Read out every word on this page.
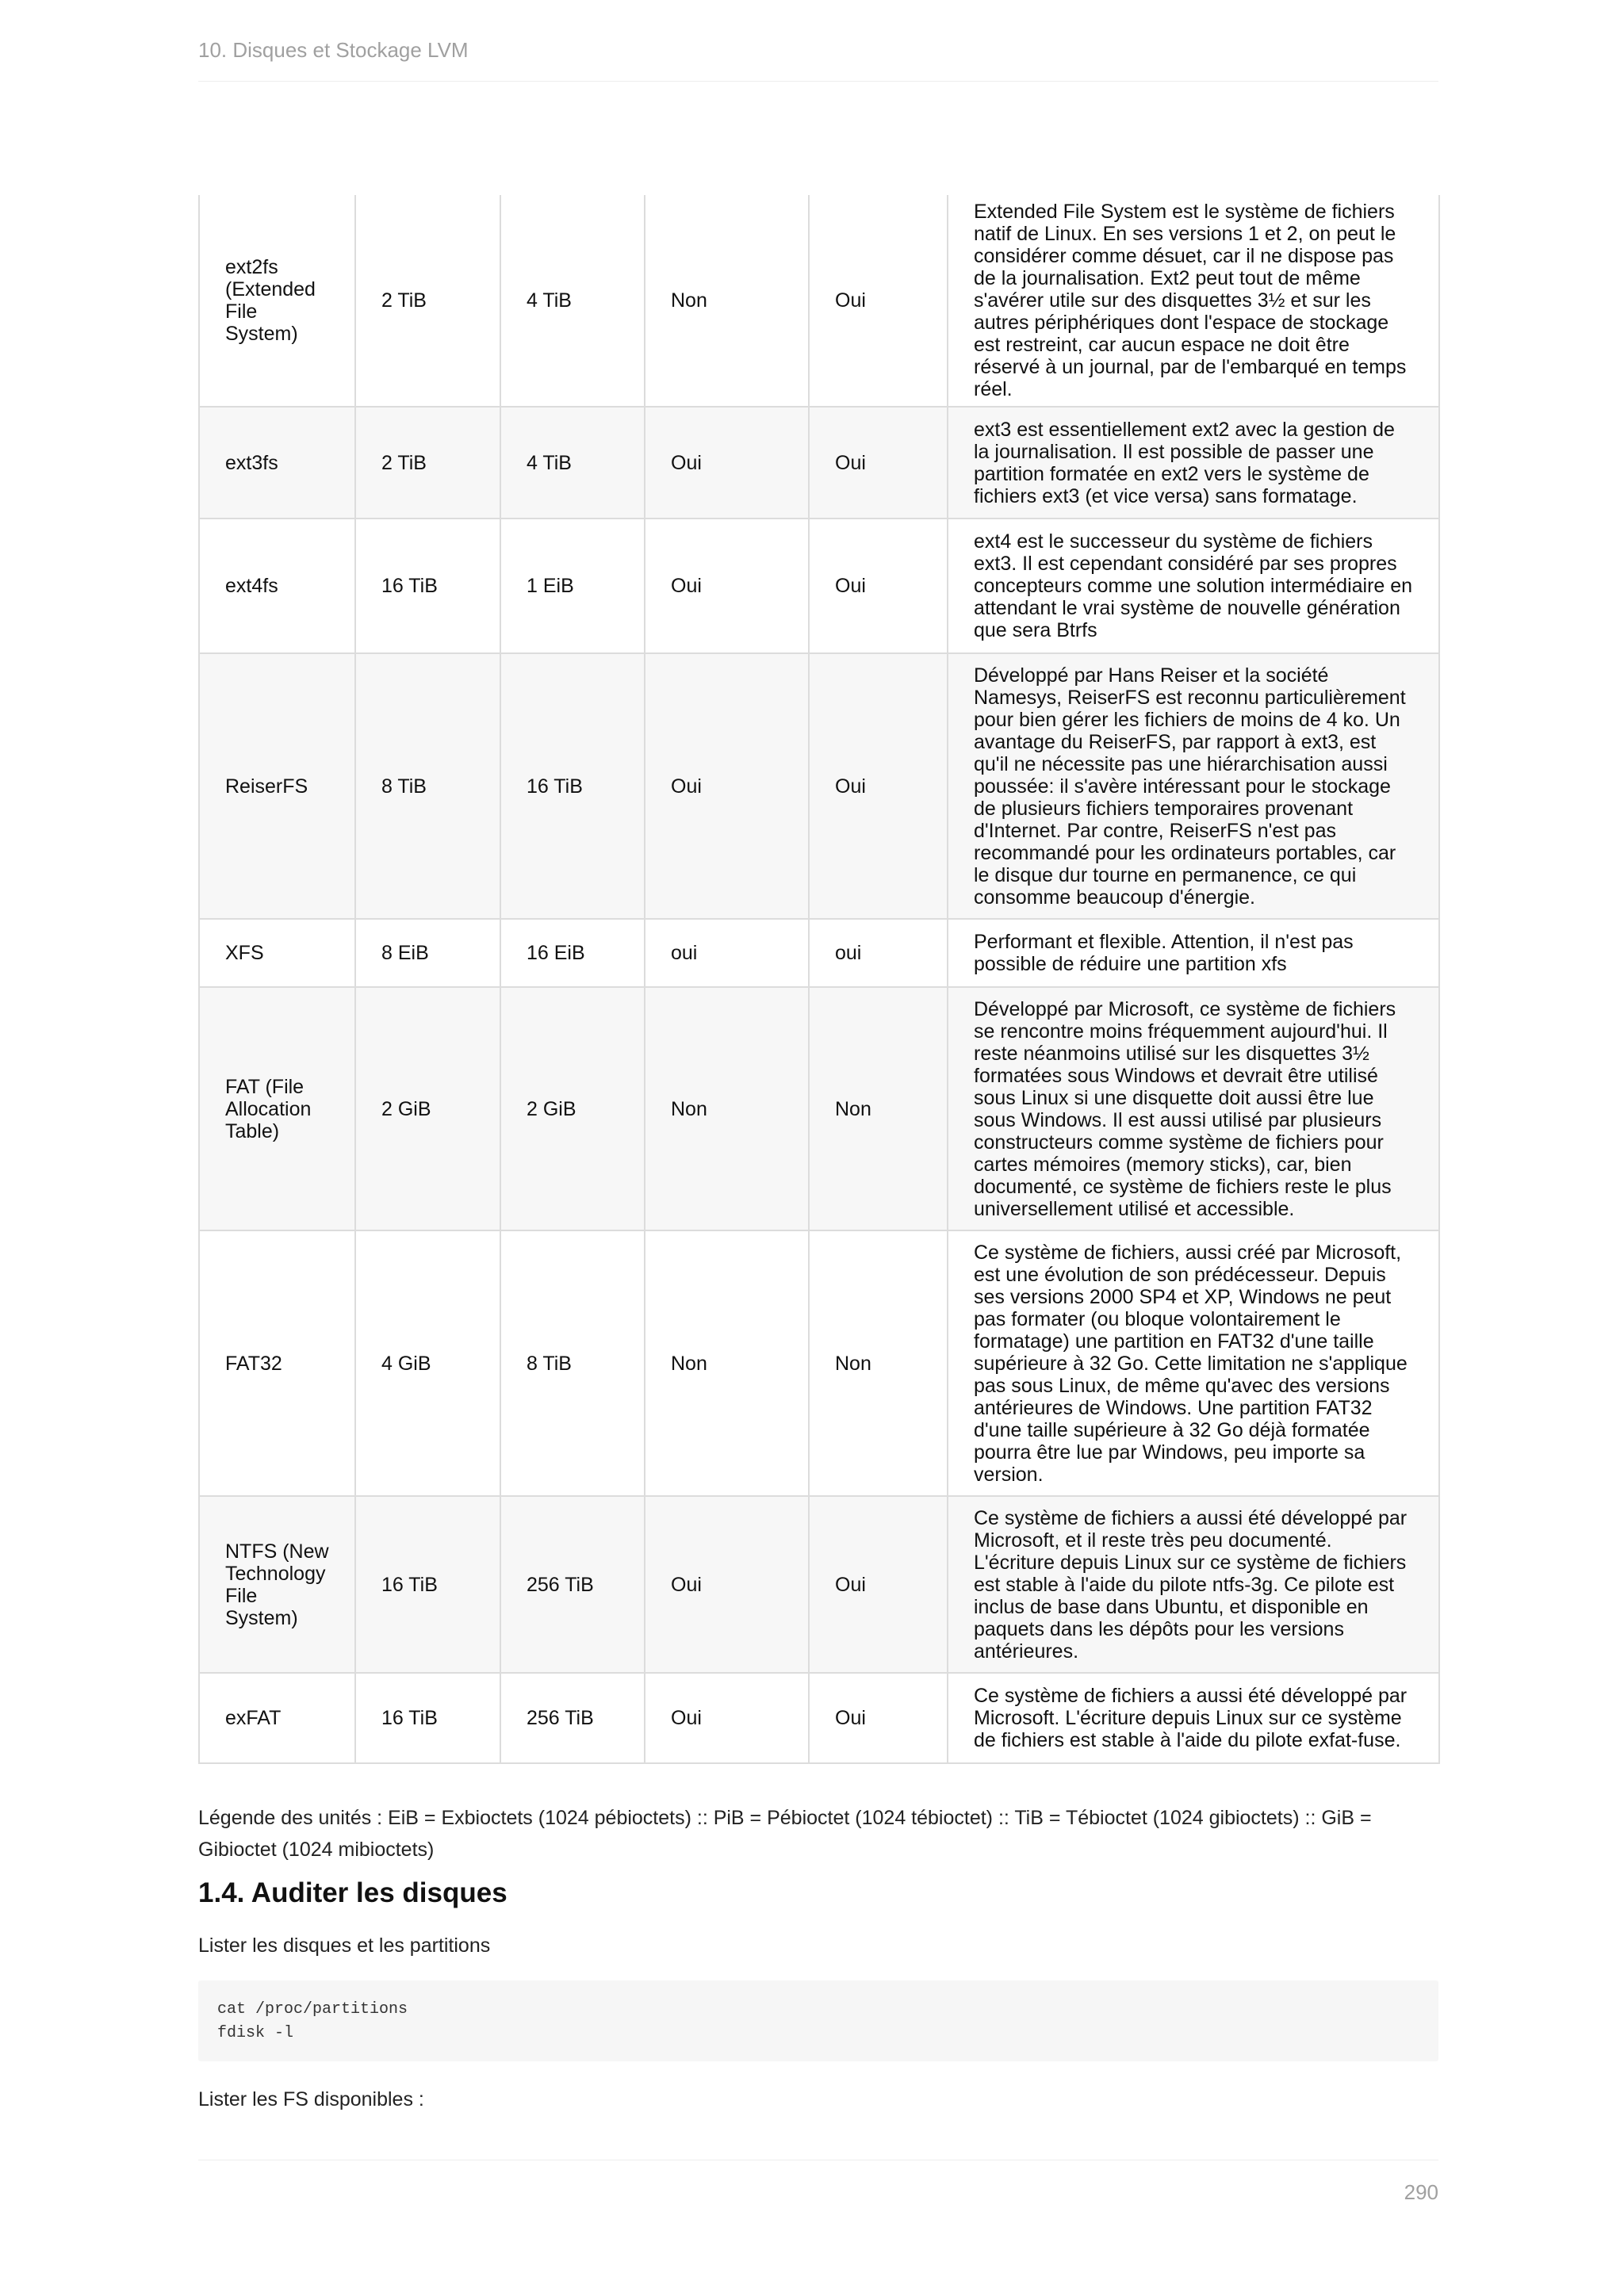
10. Disques et Stockage LVM
ext2fs (Extended File System)	2 TiB	4 TiB	Non	Oui	Extended File System est le système de fichiers natif de Linux. En ses versions 1 et 2, on peut le considérer comme désuet, car il ne dispose pas de la journalisation. Ext2 peut tout de même s'avérer utile sur des disquettes 3½ et sur les autres périphériques dont l'espace de stockage est restreint, car aucun espace ne doit être réservé à un journal, par de l'embarqué en temps réel.
ext3fs	2 TiB	4 TiB	Oui	Oui	ext3 est essentiellement ext2 avec la gestion de la journalisation. Il est possible de passer une partition formatée en ext2 vers le système de fichiers ext3 (et vice versa) sans formatage.
ext4fs	16 TiB	1 EiB	Oui	Oui	ext4 est le successeur du système de fichiers ext3. Il est cependant considéré par ses propres concepteurs comme une solution intermédiaire en attendant le vrai système de nouvelle génération que sera Btrfs
ReiserFS	8 TiB	16 TiB	Oui	Oui	Développé par Hans Reiser et la société Namesys, ReiserFS est reconnu particulièrement pour bien gérer les fichiers de moins de 4 ko. Un avantage du ReiserFS, par rapport à ext3, est qu'il ne nécessite pas une hiérarchisation aussi poussée: il s'avère intéressant pour le stockage de plusieurs fichiers temporaires provenant d'Internet. Par contre, ReiserFS n'est pas recommandé pour les ordinateurs portables, car le disque dur tourne en permanence, ce qui consomme beaucoup d'énergie.
XFS	8 EiB	16 EiB	oui	oui	Performant et flexible. Attention, il n'est pas possible de réduire une partition xfs
FAT (File Allocation Table)	2 GiB	2 GiB	Non	Non	Développé par Microsoft, ce système de fichiers se rencontre moins fréquemment aujourd'hui. Il reste néanmoins utilisé sur les disquettes 3½ formatées sous Windows et devrait être utilisé sous Linux si une disquette doit aussi être lue sous Windows. Il est aussi utilisé par plusieurs constructeurs comme système de fichiers pour cartes mémoires (memory sticks), car, bien documenté, ce système de fichiers reste le plus universellement utilisé et accessible.
FAT32	4 GiB	8 TiB	Non	Non	Ce système de fichiers, aussi créé par Microsoft, est une évolution de son prédécesseur. Depuis ses versions 2000 SP4 et XP, Windows ne peut pas formater (ou bloque volontairement le formatage) une partition en FAT32 d'une taille supérieure à 32 Go. Cette limitation ne s'applique pas sous Linux, de même qu'avec des versions antérieures de Windows. Une partition FAT32 d'une taille supérieure à 32 Go déjà formatée pourra être lue par Windows, peu importe sa version.
NTFS (New Technology File System)	16 TiB	256 TiB	Oui	Oui	Ce système de fichiers a aussi été développé par Microsoft, et il reste très peu documenté. L'écriture depuis Linux sur ce système de fichiers est stable à l'aide du pilote ntfs-3g. Ce pilote est inclus de base dans Ubuntu, et disponible en paquets dans les dépôts pour les versions antérieures.
exFAT	16 TiB	256 TiB	Oui	Oui	Ce système de fichiers a aussi été développé par Microsoft. L'écriture depuis Linux sur ce système de fichiers est stable à l'aide du pilote exfat-fuse.

Légende des unités : EiB = Exbioctets (1024 pébioctets) :: PiB = Pébioctet (1024 tébioctet) :: TiB = Tébioctet (1024 gibioctets) :: GiB = Gibioctet (1024 mibioctets)

1.4. Auditer les disques

Lister les disques et les partitions

cat /proc/partitions
fdisk -l

Lister les FS disponibles :

290
